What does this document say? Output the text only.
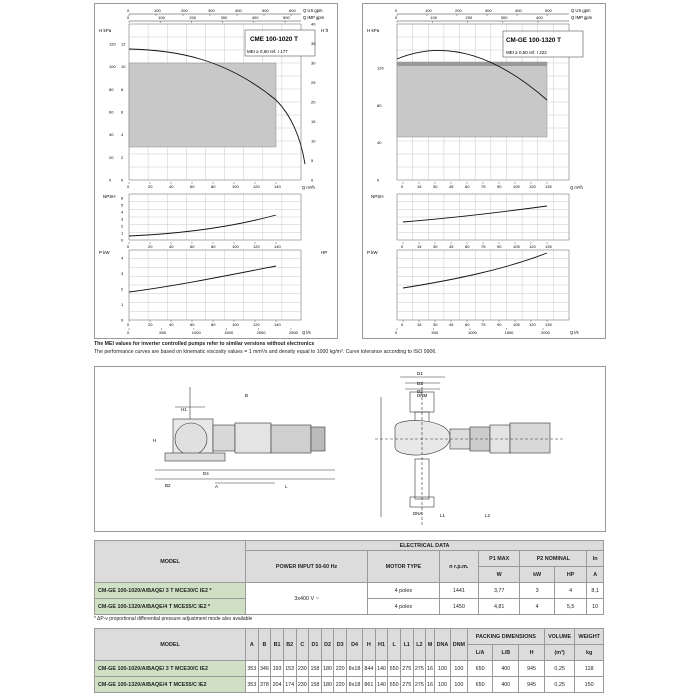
0	100	200	300	400	500	600
0	100	200	300	400	500
Q US gpm
Q IMP gpm
H kPa	H ft
CME 100-1020 T
MEI ≥ 0,60 ref. Ι 177
0
20
40
60
80
100
120
0
2
4
6
8
10
12
0
5
10
15
20
25
30
35
40
0	20	40	60	80	100	120	140	Q m³/h
0
1
2
3
4
5
6
NPSH
0	20	40	60	80	100	120	140
0
1
2
3
4
P kW	HP
0	20	40	60	80	100	120	140
0	500	1000	1500	2000	2500 Q l/s
0	100	200	300	400	500
0	100	200	300	400
Q US gpm
Q IMP gpm
H kPa
CM-GE 100-1320 T
MEI ≥ 0,50 ref. Ι 222
0
40
80
120
0	15	30	45	60	75	90	105 120 135	Q m³/h
NPSH
0	15	30	45	60	75	90	105 120 135
P kW
0	15	30	45	60	75	90	105 120 135
0	500	1000	1500	2000	Q l/s
The MEI values for inverter controlled pumps refer to similar versions without electronics
The performance curves are based on kinematic viscosity values = 1 mm²/s and density equal to 1000 kg/m³. Curve tolerance according to ISO 9906.
H1
B
H
D4
B2	A	L
D1
D3
D2
DNM
L1	L2
DNA
MODEL	ELECTRICAL DATA						
	POWER INPUT 50-60 Hz	MOTOR TYPE	n r.p.m.	P1 MAX	P2 NOMINAL		In
				W	kW	HP	A
CM-GE 100-1020/A/BAQE/ 3 T MCE30/C IE2 *	3x400 V ~	4 poles	1441	3,77	3	4	8,1
CM-GE 100-1320/A/BAQE/4 T MCE55/C IE2 *		4 poles	1450	4,81	4	5,5	10
* ΔP-v proportional differential pressure adjustment mode also available
MODEL	A	B	B1	B2	C	D1	D2	D3	D4	H	H1	L	L1	L2	M	DNA	DNM	PACKING DIMENSIONS			VOLUME	WEIGHT
																		L/A	L/B	H	(m³)	kg
CM-GE 100-1020/A/BAQE/ 3 T MCE30/C IE2	353	346	193	153	230	158	180	220	8x18	844	140	550	275	275	16	100	100	650	400	945	0,25	118
CM-GE 100-1320/A/BAQE/4 T MCE55/C IE2	353	378	204	174	230	158	180	220	8x18	861	140	550	275	275	16	100	100	650	400	945	0,25	150
